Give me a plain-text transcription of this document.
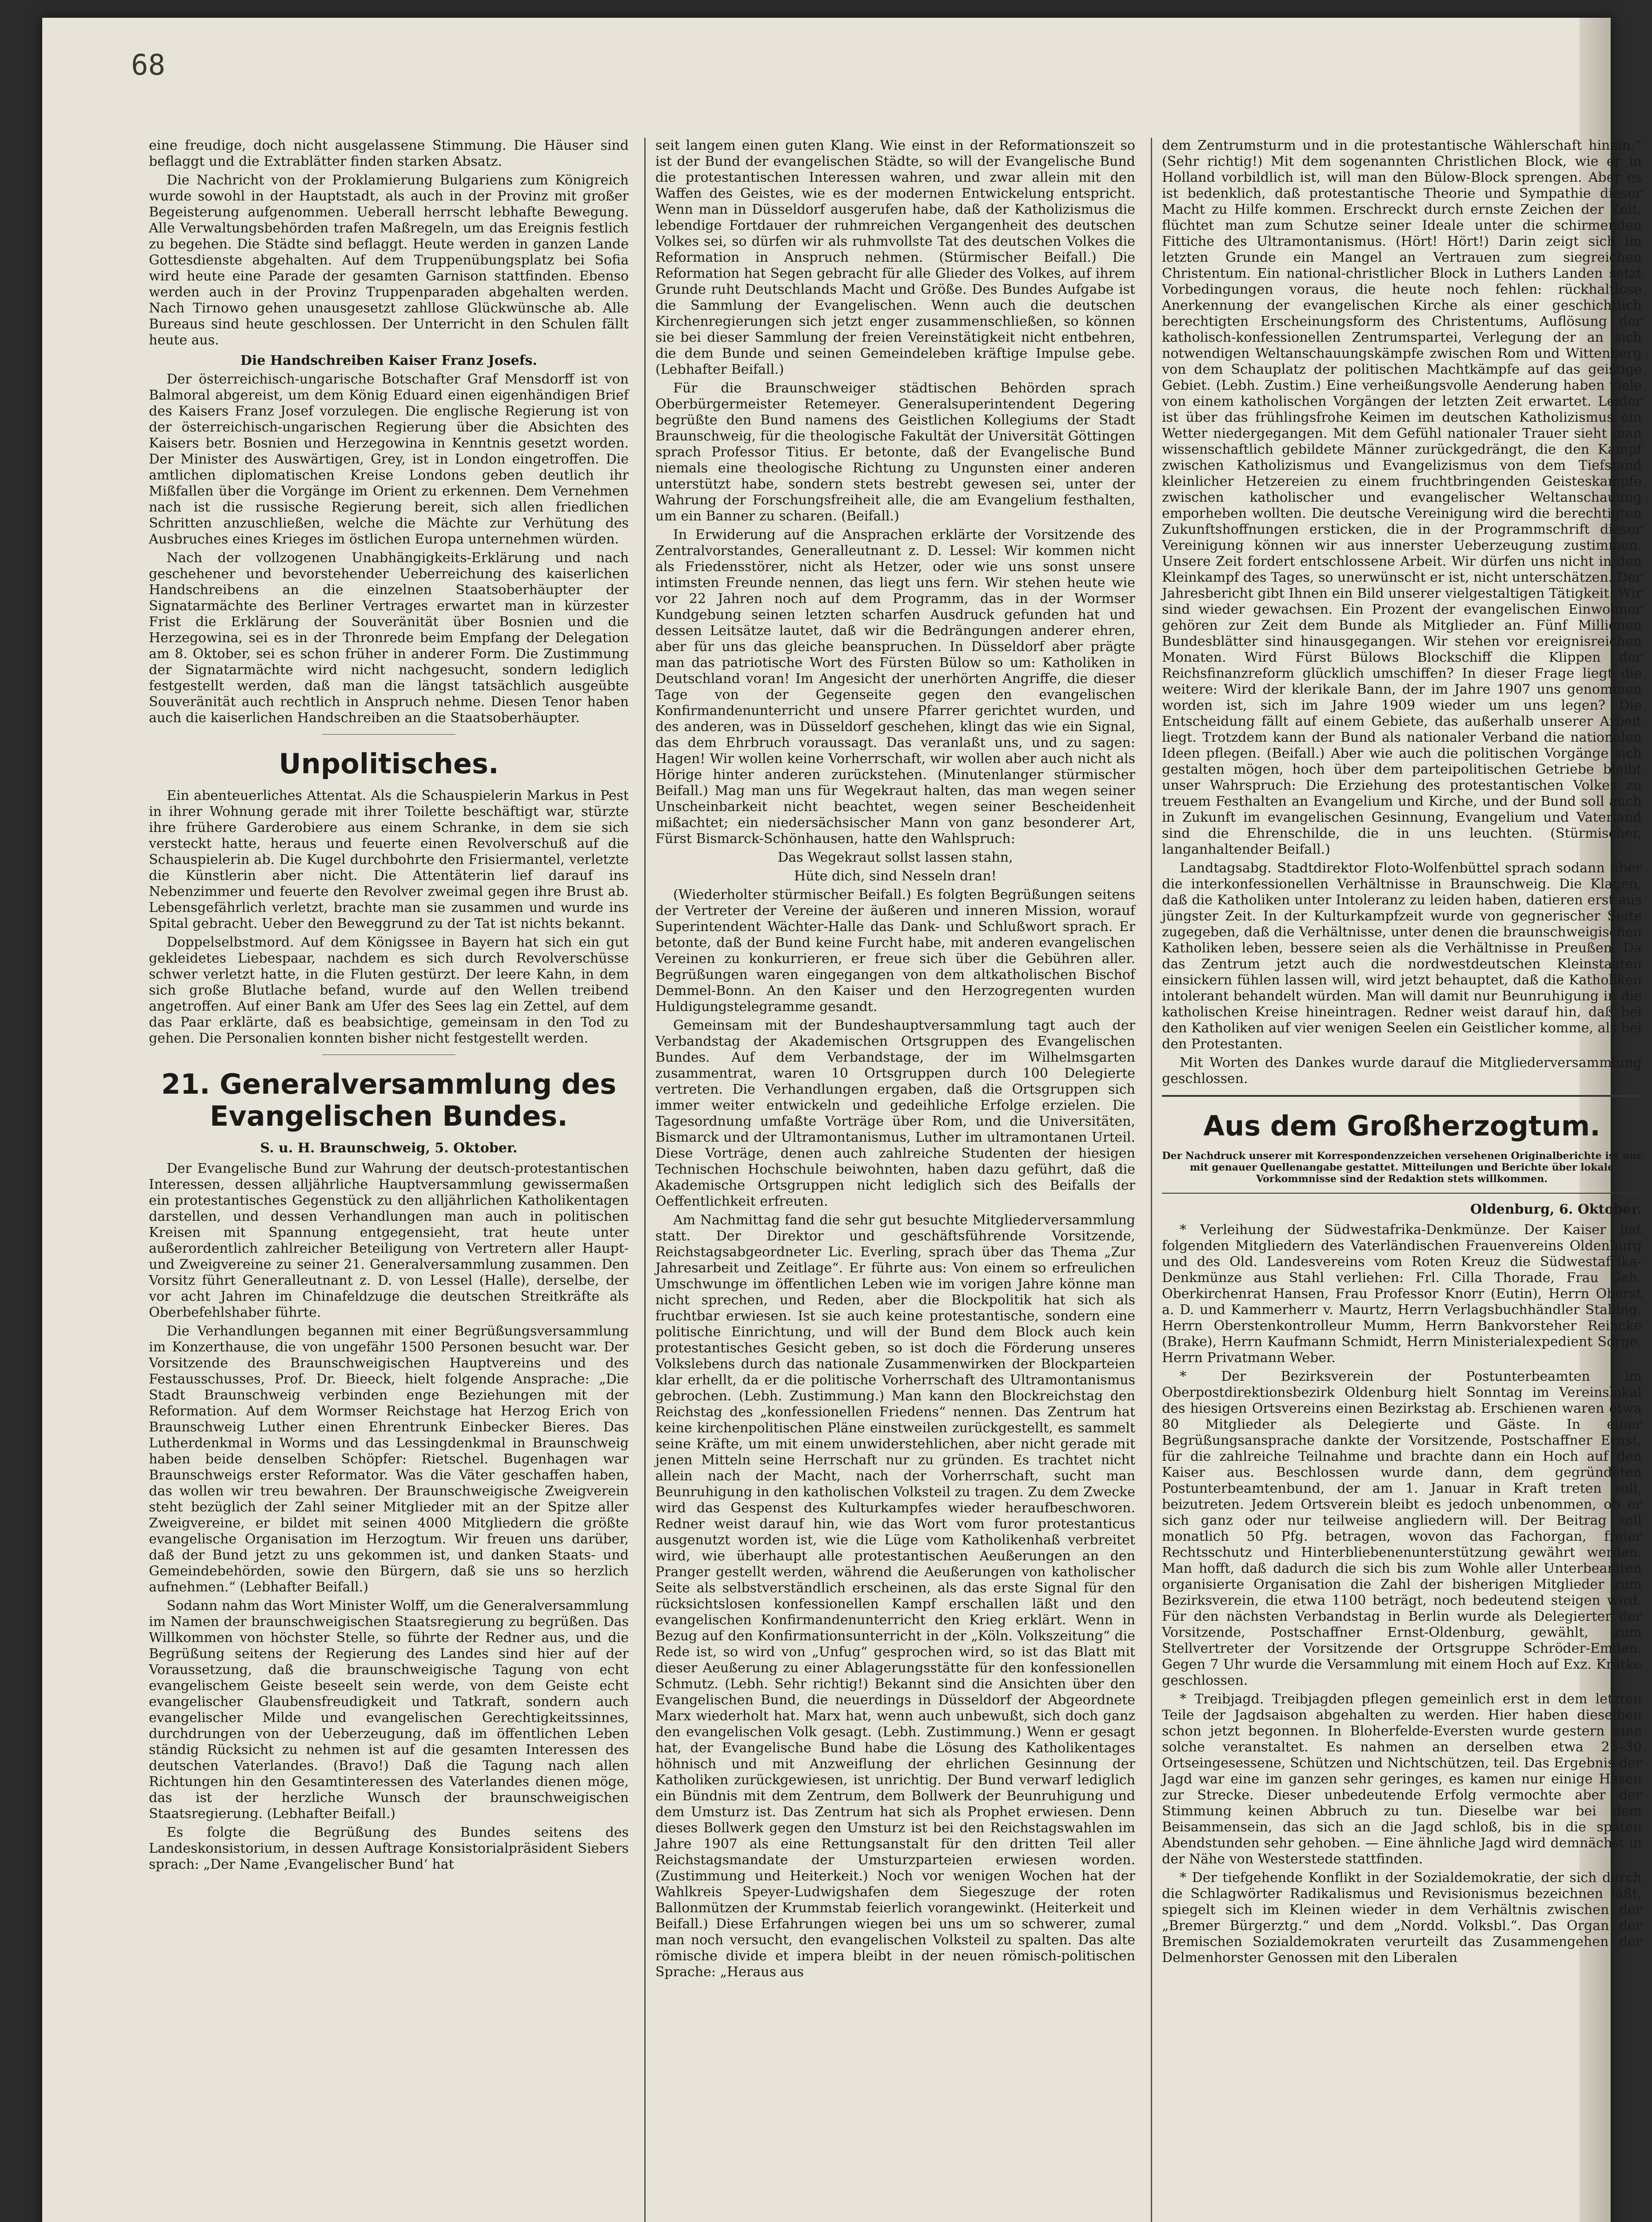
68

eine freudige, doch nicht ausgelassene Stimmung. Die Häuser sind beflaggt und die Extrablätter finden starken Absatz.

Die Nachricht von der Proklamierung Bulgariens zum Königreich wurde sowohl in der Hauptstadt, als auch in der Provinz mit großer Begeisterung aufgenommen. Ueberall herrscht lebhafte Bewegung. Alle Verwaltungsbehörden trafen Maßregeln, um das Ereignis festlich zu begehen. Die Städte sind beflaggt. Heute werden in ganzen Lande Gottesdienste abgehalten. Auf dem Truppenübungsplatz bei Sofia wird heute eine Parade der gesamten Garnison stattfinden. Ebenso werden auch in der Provinz Truppenparaden abgehalten werden. Nach Tirnowo gehen unausgesetzt zahllose Glückwünsche ab. Alle Bureaus sind heute geschlossen. Der Unterricht in den Schulen fällt heute aus.

Die Handschreiben Kaiser Franz Josefs.

Der österreichisch-ungarische Botschafter Graf Mensdorff ist von Balmoral abgereist, um dem König Eduard einen eigenhändigen Brief des Kaisers Franz Josef vorzulegen. Die englische Regierung ist von der österreichisch-ungarischen Regierung über die Absichten des Kaisers betr. Bosnien und Herzegowina in Kenntnis gesetzt worden. Der Minister des Auswärtigen, Grey, ist in London eingetroffen. Die amtlichen diplomatischen Kreise Londons geben deutlich ihr Mißfallen über die Vorgänge im Orient zu erkennen. Dem Vernehmen nach ist die russische Regierung bereit, sich allen friedlichen Schritten anzuschließen, welche die Mächte zur Verhütung des Ausbruches eines Krieges im östlichen Europa unternehmen würden.

Nach der vollzogenen Unabhängigkeits-Erklärung und nach geschehener und bevorstehender Ueberreichung des kaiserlichen Handschreibens an die einzelnen Staatsoberhäupter der Signatarmächte des Berliner Vertrages erwartet man in kürzester Frist die Erklärung der Souveränität über Bosnien und die Herzegowina, sei es in der Thronrede beim Empfang der Delegation am 8. Oktober, sei es schon früher in anderer Form. Die Zustimmung der Signatarmächte wird nicht nachgesucht, sondern lediglich festgestellt werden, daß man die längst tatsächlich ausgeübte Souveränität auch rechtlich in Anspruch nehme. Diesen Tenor haben auch die kaiserlichen Handschreiben an die Staatsoberhäupter.

Unpolitisches.

Ein abenteuerliches Attentat. Als die Schauspielerin Markus in Pest in ihrer Wohnung gerade mit ihrer Toilette beschäftigt war, stürzte ihre frühere Garderobiere aus einem Schranke, in dem sie sich versteckt hatte, heraus und feuerte einen Revolverschuß auf die Schauspielerin ab. Die Kugel durchbohrte den Frisiermantel, verletzte die Künstlerin aber nicht. Die Attentäterin lief darauf ins Nebenzimmer und feuerte den Revolver zweimal gegen ihre Brust ab. Lebensgefährlich verletzt, brachte man sie zusammen und wurde ins Spital gebracht. Ueber den Beweggrund zu der Tat ist nichts bekannt.

Doppelselbstmord. Auf dem Königssee in Bayern hat sich ein gut gekleidetes Liebespaar, nachdem es sich durch Revolverschüsse schwer verletzt hatte, in die Fluten gestürzt. Der leere Kahn, in dem sich große Blutlache befand, wurde auf den Wellen treibend angetroffen. Auf einer Bank am Ufer des Sees lag ein Zettel, auf dem das Paar erklärte, daß es beabsichtige, gemeinsam in den Tod zu gehen. Die Personalien konnten bisher nicht festgestellt werden.

21. Generalversammlung des Evangelischen Bundes.
S. u. H. Braunschweig, 5. Oktober.

Der Evangelische Bund zur Wahrung der deutsch-protestantischen Interessen, dessen alljährliche Hauptversammlung gewissermaßen ein protestantisches Gegenstück zu den alljährlichen Katholikentagen darstellen, und dessen Verhandlungen man auch in politischen Kreisen mit Spannung entgegensieht, trat heute unter außerordentlich zahlreicher Beteiligung von Vertretern aller Haupt- und Zweigvereine zu seiner 21. Generalversammlung zusammen. Den Vorsitz führt Generalleutnant z. D. von Lessel (Halle), derselbe, der vor acht Jahren im Chinafeldzuge die deutschen Streitkräfte als Oberbefehlshaber führte.

Die Verhandlungen begannen mit einer Begrüßungsversammlung im Konzerthause, die von ungefähr 1500 Personen besucht war. Der Vorsitzende des Braunschweigischen Hauptvereins und des Festausschusses, Prof. Dr. Bieeck, hielt folgende Ansprache: „Die Stadt Braunschweig verbinden enge Beziehungen mit der Reformation. Auf dem Wormser Reichstage hat Herzog Erich von Braunschweig Luther einen Ehrentrunk Einbecker Bieres. Das Lutherdenkmal in Worms und das Lessingdenkmal in Braunschweig haben beide denselben Schöpfer: Rietschel. Bugenhagen war Braunschweigs erster Reformator. Was die Väter geschaffen haben, das wollen wir treu bewahren. Der Braunschweigische Zweigverein steht bezüglich der Zahl seiner Mitglieder mit an der Spitze aller Zweigvereine, er bildet mit seinen 4000 Mitgliedern die größte evangelische Organisation im Herzogtum. Wir freuen uns darüber, daß der Bund jetzt zu uns gekommen ist, und danken Staats- und Gemeindebehörden, sowie den Bürgern, daß sie uns so herzlich aufnehmen.“ (Lebhafter Beifall.)

Sodann nahm das Wort Minister Wolff, um die Generalversammlung im Namen der braunschweigischen Staatsregierung zu begrüßen. Das Willkommen von höchster Stelle, so führte der Redner aus, und die Begrüßung seitens der Regierung des Landes sind hier auf der Voraussetzung, daß die braunschweigische Tagung von echt evangelischem Geiste beseelt sein werde, von dem Geiste echt evangelischer Glaubensfreudigkeit und Tatkraft, sondern auch evangelischer Milde und evangelischen Gerechtigkeitssinnes, durchdrungen von der Ueberzeugung, daß im öffentlichen Leben ständig Rücksicht zu nehmen ist auf die gesamten Interessen des deutschen Vaterlandes. (Bravo!) Daß die Tagung nach allen Richtungen hin den Gesamtinteressen des Vaterlandes dienen möge, das ist der herzliche Wunsch der braunschweigischen Staatsregierung. (Lebhafter Beifall.)

Es folgte die Begrüßung des Bundes seitens des Landeskonsistorium, in dessen Auftrage Konsistorialpräsident Siebers sprach: „Der Name ‚Evangelischer Bund‘ hat

seit langem einen guten Klang. Wie einst in der Reformationszeit so ist der Bund der evangelischen Städte, so will der Evangelische Bund die protestantischen Interessen wahren, und zwar allein mit den Waffen des Geistes, wie es der modernen Entwickelung entspricht. Wenn man in Düsseldorf ausgerufen habe, daß der Katholizismus die lebendige Fortdauer der ruhmreichen Vergangenheit des deutschen Volkes sei, so dürfen wir als ruhmvollste Tat des deutschen Volkes die Reformation in Anspruch nehmen. (Stürmischer Beifall.) Die Reformation hat Segen gebracht für alle Glieder des Volkes, auf ihrem Grunde ruht Deutschlands Macht und Größe. Des Bundes Aufgabe ist die Sammlung der Evangelischen. Wenn auch die deutschen Kirchenregierungen sich jetzt enger zusammenschließen, so können sie bei dieser Sammlung der freien Vereinstätigkeit nicht entbehren, die dem Bunde und seinen Gemeindeleben kräftige Impulse gebe. (Lebhafter Beifall.)

Für die Braunschweiger städtischen Behörden sprach Oberbürgermeister Retemeyer. Generalsuperintendent Degering begrüßte den Bund namens des Geistlichen Kollegiums der Stadt Braunschweig, für die theologische Fakultät der Universität Göttingen sprach Professor Titius. Er betonte, daß der Evangelische Bund niemals eine theologische Richtung zu Ungunsten einer anderen unterstützt habe, sondern stets bestrebt gewesen sei, unter der Wahrung der Forschungsfreiheit alle, die am Evangelium festhalten, um ein Banner zu scharen. (Beifall.)

In Erwiderung auf die Ansprachen erklärte der Vorsitzende des Zentralvorstandes, Generalleutnant z. D. Lessel: Wir kommen nicht als Friedensstörer, nicht als Hetzer, oder wie uns sonst unsere intimsten Freunde nennen, das liegt uns fern. Wir stehen heute wie vor 22 Jahren noch auf dem Programm, das in der Wormser Kundgebung seinen letzten scharfen Ausdruck gefunden hat und dessen Leitsätze lautet, daß wir die Bedrängungen anderer ehren, aber für uns das gleiche beanspruchen. In Düsseldorf aber prägte man das patriotische Wort des Fürsten Bülow so um: Katholiken in Deutschland voran! Im Angesicht der unerhörten Angriffe, die dieser Tage von der Gegenseite gegen den evangelischen Konfirmandenunterricht und unsere Pfarrer gerichtet wurden, und des anderen, was in Düsseldorf geschehen, klingt das wie ein Signal, das dem Ehrbruch voraussagt. Das veranlaßt uns, und zu sagen: Hagen! Wir wollen keine Vorherrschaft, wir wollen aber auch nicht als Hörige hinter anderen zurückstehen. (Minutenlanger stürmischer Beifall.) Mag man uns für Wegekraut halten, das man wegen seiner Unscheinbarkeit nicht beachtet, wegen seiner Bescheidenheit mißachtet; ein niedersächsischer Mann von ganz besonderer Art, Fürst Bismarck-Schönhausen, hatte den Wahlspruch:

Das Wegekraut sollst lassen stahn,
Hüte dich, sind Nesseln dran!

(Wiederholter stürmischer Beifall.) Es folgten Begrüßungen seitens der Vertreter der Vereine der äußeren und inneren Mission, worauf Superintendent Wächter-Halle das Dank- und Schlußwort sprach. Er betonte, daß der Bund keine Furcht habe, mit anderen evangelischen Vereinen zu konkurrieren, er freue sich über die Gebühren aller. Begrüßungen waren eingegangen von dem altkatholischen Bischof Demmel-Bonn. An den Kaiser und den Herzogregenten wurden Huldigungstelegramme gesandt.

Gemeinsam mit der Bundeshauptversammlung tagt auch der Verbandstag der Akademischen Ortsgruppen des Evangelischen Bundes. Auf dem Verbandstage, der im Wilhelmsgarten zusammentrat, waren 10 Ortsgruppen durch 100 Delegierte vertreten. Die Verhandlungen ergaben, daß die Ortsgruppen sich immer weiter entwickeln und gedeihliche Erfolge erzielen. Die Tagesordnung umfaßte Vorträge über Rom, und die Universitäten, Bismarck und der Ultramontanismus, Luther im ultramontanen Urteil. Diese Vorträge, denen auch zahlreiche Studenten der hiesigen Technischen Hochschule beiwohnten, haben dazu geführt, daß die Akademische Ortsgruppen nicht lediglich sich des Beifalls der Oeffentlichkeit erfreuten.

Am Nachmittag fand die sehr gut besuchte Mitgliederversammlung statt. Der Direktor und geschäftsführende Vorsitzende, Reichstagsabgeordneter Lic. Everling, sprach über das Thema „Zur Jahresarbeit und Zeitlage“. Er führte aus: Von einem so erfreulichen Umschwunge im öffentlichen Leben wie im vorigen Jahre könne man nicht sprechen, und Reden, aber die Blockpolitik hat sich als fruchtbar erwiesen. Ist sie auch keine protestantische, sondern eine politische Einrichtung, und will der Bund dem Block auch kein protestantisches Gesicht geben, so ist doch die Förderung unseres Volkslebens durch das nationale Zusammenwirken der Blockparteien klar erhellt, da er die politische Vorherrschaft des Ultramontanismus gebrochen. (Lebh. Zustimmung.) Man kann den Blockreichstag den Reichstag des „konfessionellen Friedens“ nennen. Das Zentrum hat keine kirchenpolitischen Pläne einstweilen zurückgestellt, es sammelt seine Kräfte, um mit einem unwiderstehlichen, aber nicht gerade mit jenen Mitteln seine Herrschaft nur zu gründen. Es trachtet nicht allein nach der Macht, nach der Vorherrschaft, sucht man Beunruhigung in den katholischen Volksteil zu tragen. Zu dem Zwecke wird das Gespenst des Kulturkampfes wieder heraufbeschworen. Redner weist darauf hin, wie das Wort vom furor protestanticus ausgenutzt worden ist, wie die Lüge vom Katholikenhaß verbreitet wird, wie überhaupt alle protestantischen Aeußerungen an den Pranger gestellt werden, während die Aeußerungen von katholischer Seite als selbstverständlich erscheinen, als das erste Signal für den rücksichtslosen konfessionellen Kampf erschallen läßt und den evangelischen Konfirmandenunterricht den Krieg erklärt. Wenn in Bezug auf den Konfirmationsunterricht in der „Köln. Volkszeitung“ die Rede ist, so wird von „Unfug“ gesprochen wird, so ist das Blatt mit dieser Aeußerung zu einer Ablagerungsstätte für den konfessionellen Schmutz. (Lebh. Sehr richtig!) Bekannt sind die Ansichten über den Evangelischen Bund, die neuerdings in Düsseldorf der Abgeordnete Marx wiederholt hat. Marx hat, wenn auch unbewußt, sich doch ganz den evangelischen Volk gesagt. (Lebh. Zustimmung.) Wenn er gesagt hat, der Evangelische Bund habe die Lösung des Katholikentages höhnisch und mit Anzweiflung der ehrlichen Gesinnung der Katholiken zurückgewiesen, ist unrichtig. Der Bund verwarf lediglich ein Bündnis mit dem Zentrum, dem Bollwerk der Beunruhigung und dem Umsturz ist. Das Zentrum hat sich als Prophet erwiesen. Denn dieses Bollwerk gegen den Umsturz ist bei den Reichstagswahlen im Jahre 1907 als eine Rettungsanstalt für den dritten Teil aller Reichstagsmandate der Umsturzparteien erwiesen worden. (Zustimmung und Heiterkeit.) Noch vor wenigen Wochen hat der Wahlkreis Speyer-Ludwigshafen dem Siegeszuge der roten Ballonmützen der Krummstab feierlich vorangewinkt. (Heiterkeit und Beifall.) Diese Erfahrungen wiegen bei uns um so schwerer, zumal man noch versucht, den evangelischen Volksteil zu spalten. Das alte römische divide et impera bleibt in der neuen römisch-politischen Sprache: „Heraus aus

dem Zentrumsturm und in die protestantische Wählerschaft hinein.“ (Sehr richtig!) Mit dem sogenannten Christlichen Block, wie er in Holland vorbildlich ist, will man den Bülow-Block sprengen. Aber es ist bedenklich, daß protestantische Theorie und Sympathie dieser Macht zu Hilfe kommen. Erschreckt durch ernste Zeichen der Zeit, flüchtet man zum Schutze seiner Ideale unter die schirmenden Fittiche des Ultramontanismus. (Hört! Hört!) Darin zeigt sich im letzten Grunde ein Mangel an Vertrauen zum siegreichen Christentum. Ein national-christlicher Block in Luthers Landen setzt Vorbedingungen voraus, die heute noch fehlen: rückhaltlose Anerkennung der evangelischen Kirche als einer geschichtlich berechtigten Erscheinungsform des Christentums, Auflösung der katholisch-konfessionellen Zentrumspartei, Verlegung der an sich notwendigen Weltanschauungskämpfe zwischen Rom und Wittenberg von dem Schauplatz der politischen Machtkämpfe auf das geistige Gebiet. (Lebh. Zustim.) Eine verheißungsvolle Aenderung haben viele von einem katholischen Vorgängen der letzten Zeit erwartet. Leider ist über das frühlingsfrohe Keimen im deutschen Katholizismus ein Wetter niedergegangen. Mit dem Gefühl nationaler Trauer sieht man wissenschaftlich gebildete Männer zurückgedrängt, die den Kampf zwischen Katholizismus und Evangelizismus von dem Tiefstand kleinlicher Hetzereien zu einem fruchtbringenden Geisteskampfe zwischen katholischer und evangelischer Weltanschauung emporheben wollten. Die deutsche Vereinigung wird die berechtigten Zukunftshoffnungen ersticken, die in der Programmschrift dieser Vereinigung können wir aus innerster Ueberzeugung zustimmen. Unsere Zeit fordert entschlossene Arbeit. Wir dürfen uns nicht in den Kleinkampf des Tages, so unerwünscht er ist, nicht unterschätzen. Der Jahresbericht gibt Ihnen ein Bild unserer vielgestaltigen Tätigkeit. Wir sind wieder gewachsen. Ein Prozent der evangelischen Einwohner gehören zur Zeit dem Bunde als Mitglieder an. Fünf Millionen Bundesblätter sind hinausgegangen. Wir stehen vor ereignisreichen Monaten. Wird Fürst Bülows Blockschiff die Klippen der Reichsfinanzreform glücklich umschiffen? In dieser Frage liegt die weitere: Wird der klerikale Bann, der im Jahre 1907 uns genommen worden ist, sich im Jahre 1909 wieder um uns legen? Die Entscheidung fällt auf einem Gebiete, das außerhalb unserer Arbeit liegt. Trotzdem kann der Bund als nationaler Verband die nationalen Ideen pflegen. (Beifall.) Aber wie auch die politischen Vorgänge sich gestalten mögen, hoch über dem parteipolitischen Getriebe bleibt unser Wahrspruch: Die Erziehung des protestantischen Volkes zu treuem Festhalten an Evangelium und Kirche, und der Bund soll auch in Zukunft im evangelischen Gesinnung, Evangelium und Vaterland sind die Ehrenschilde, die in uns leuchten. (Stürmischer, langanhaltender Beifall.)

Landtagsabg. Stadtdirektor Floto-Wolfenbüttel sprach sodann über die interkonfessionellen Verhältnisse in Braunschweig. Die Klagen, daß die Katholiken unter Intoleranz zu leiden haben, datieren erst aus jüngster Zeit. In der Kulturkampfzeit wurde von gegnerischer Seite zugegeben, daß die Verhältnisse, unter denen die braunschweigischen Katholiken leben, bessere seien als die Verhältnisse in Preußen. Da das Zentrum jetzt auch die nordwestdeutschen Kleinstaaten einsickern fühlen lassen will, wird jetzt behauptet, daß die Katholiken intolerant behandelt würden. Man will damit nur Beunruhigung in die katholischen Kreise hineintragen. Redner weist darauf hin, daß bei den Katholiken auf vier wenigen Seelen ein Geistlicher komme, als bei den Protestanten.

Mit Worten des Dankes wurde darauf die Mitgliederversammlung geschlossen.

Aus dem Großherzogtum.

Der Nachdruck unserer mit Korrespondenzzeichen versehenen Originalberichte ist nur mit genauer Quellenangabe gestattet. Mitteilungen und Berichte über lokale Vorkommnisse sind der Redaktion stets willkommen.

Oldenburg, 6. Oktober.

* Verleihung der Südwestafrika-Denkmünze. Der Kaiser hat folgenden Mitgliedern des Vaterländischen Frauenvereins Oldenburg und des Old. Landesvereins vom Roten Kreuz die Südwestafrika-Denkmünze aus Stahl verliehen: Frl. Cilla Thorade, Frau Geh. Oberkirchenrat Hansen, Frau Professor Knorr (Eutin), Herrn Oberst a. D. und Kammerherr v. Maurtz, Herrn Verlagsbuchhändler Stalling, Herrn Oberstenkontrolleur Mumm, Herrn Bankvorsteher Reincke (Brake), Herrn Kaufmann Schmidt, Herrn Ministerialexpedient Sorge, Herrn Privatmann Weber.

* Der Bezirksverein der Postunterbeamten im Oberpostdirektionsbezirk Oldenburg hielt Sonntag im Vereinslokal des hiesigen Ortsvereins einen Bezirkstag ab. Erschienen waren etwa 80 Mitglieder als Delegierte und Gäste. In einer Begrüßungsansprache dankte der Vorsitzende, Postschaffner Ernst, für die zahlreiche Teilnahme und brachte dann ein Hoch auf den Kaiser aus. Beschlossen wurde dann, dem gegründeten Postunterbeamtenbund, der am 1. Januar in Kraft treten soll, beizutreten. Jedem Ortsverein bleibt es jedoch unbenommen, ob er sich ganz oder nur teilweise angliedern will. Der Beitrag soll monatlich 50 Pfg. betragen, wovon das Fachorgan, freier Rechtsschutz und Hinterbliebenenunterstützung gewährt werden. Man hofft, daß dadurch die sich bis zum Wohle aller Unterbeamten organisierte Organisation die Zahl der bisherigen Mitglieder zum Bezirksverein, die etwa 1100 beträgt, noch bedeutend steigen wird. Für den nächsten Verbandstag in Berlin wurde als Delegierter der Vorsitzende, Postschaffner Ernst-Oldenburg, gewählt, zum Stellvertreter der Vorsitzende der Ortsgruppe Schröder-Emden. Gegen 7 Uhr wurde die Versammlung mit einem Hoch auf Exz. Krätke geschlossen.

* Treibjagd. Treibjagden pflegen gemeinlich erst in dem letzten Teile der Jagdsaison abgehalten zu werden. Hier haben dieselben schon jetzt begonnen. In Bloherfelde-Eversten wurde gestern eine solche veranstaltet. Es nahmen an derselben etwa 25–30 Ortseingesessene, Schützen und Nichtschützen, teil. Das Ergebnis der Jagd war eine im ganzen sehr geringes, es kamen nur einige Hasen zur Strecke. Dieser unbedeutende Erfolg vermochte aber der Stimmung keinen Abbruch zu tun. Dieselbe war bei dem Beisammensein, das sich an die Jagd schloß, bis in die späten Abendstunden sehr gehoben. — Eine ähnliche Jagd wird demnächst in der Nähe von Westerstede stattfinden.

* Der tiefgehende Konflikt in der Sozialdemokratie, der sich durch die Schlagwörter Radikalismus und Revisionismus bezeichnen läßt, spiegelt sich im Kleinen wieder in dem Verhältnis zwischen der „Bremer Bürgerztg.“ und dem „Nordd. Volksbl.“. Das Organ der Bremischen Sozialdemokraten verurteilt das Zusammengehen der Delmenhorster Genossen mit den Liberalen
